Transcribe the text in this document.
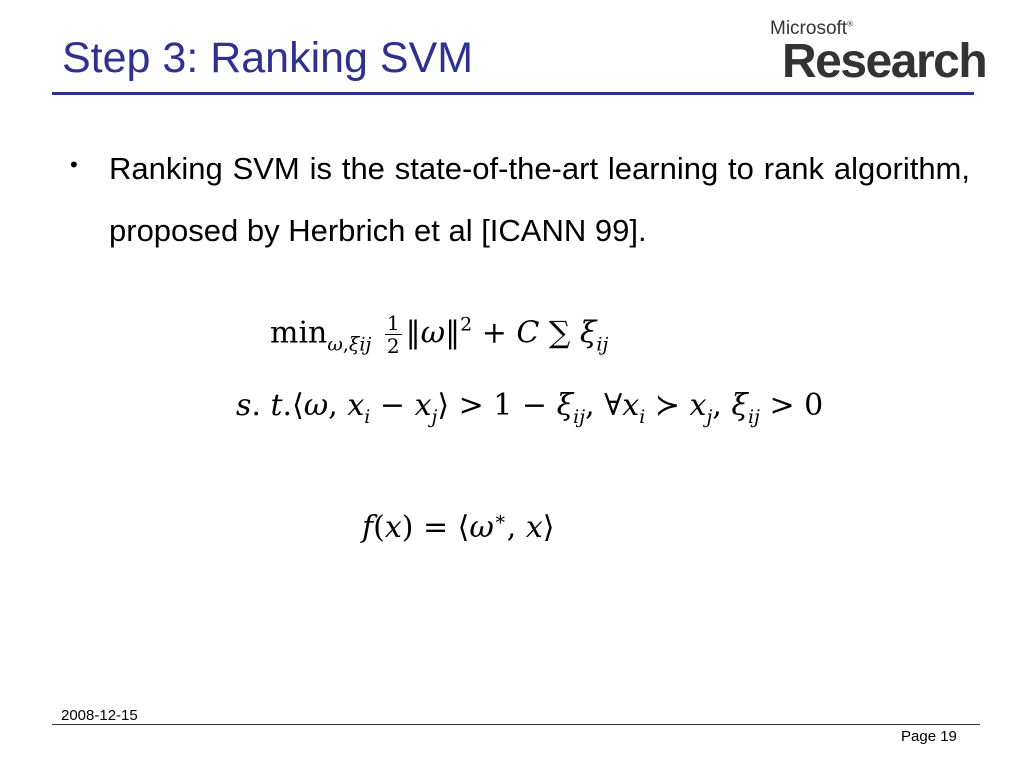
Step 3: Ranking SVM
Microsoft®
Research
• Ranking SVM is the state-of-the-art learning to rank algorithm, proposed by Herbrich et al [ICANN 99].
$\min_{\omega,\xi ij} \frac{1}{2}$ ‖ω‖$^2$ + C ∑ $\xi_{ij}$
s. t.⟨ω, $x_i$ − $x_j⟩ > 1 - \xi_{ij}$, $\forall x_i$ ≻ $x_j$, $\xi_{ij} > 0$
f(x) = ⟨ω∗, x⟩
2008-12-15
Page 19
